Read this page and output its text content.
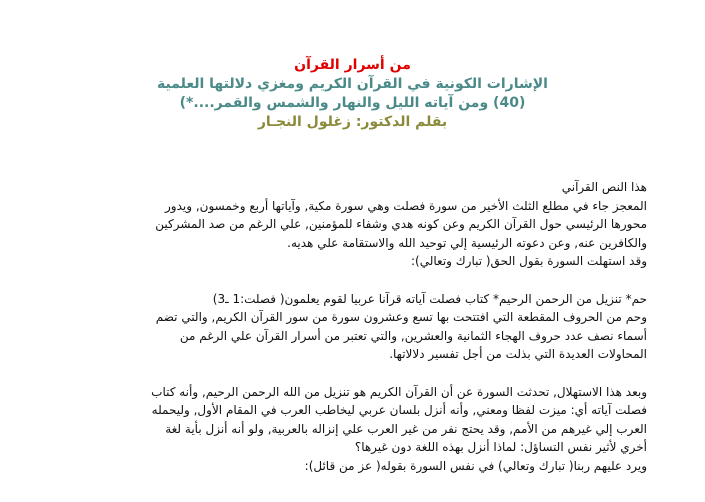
من أسرار القرآن
الإشارات الكونية في القرآن الكريم ومغزي دلالتها العلمية
(40) ومن آياته الليل والنهار والشمس والقمر....*)
بقلم الدكتور: زغلول النجـار

هذا النص القرآني

المعجز جاء في مطلع الثلث الأخير من سورة فصلت وهي سورة مكية, وآياتها أربع وخمسون, ويدور

محورها الرئيسي حول القرآن الكريم وعن كونه هدي وشفاء للمؤمنين, علي الرغم من صد المشركين

والكافرين عنه, وعن دعوته الرئيسية إلي توحيد الله والاستقامة علي هديه.

وقد استهلت السورة بقول الحق( تبارك وتعالي):

حم* تنزيل من الرحمن الرحيم* كتاب فصلت آياته قرآنا عربيا لقوم يعلمون( فصلت:1 ـ3)

وحم من الحروف المقطعة التي افتتحت بها تسع وعشرون سورة من سور القرآن الكريم, والتي تضم

أسماء نصف عدد حروف الهجاء الثمانية والعشرين, والتي تعتبر من أسرار القرآن علي الرغم من

المحاولات العديدة التي بذلت من أجل تفسير دلالاتها.

وبعد هذا الاستهلال, تحدثت السورة عن أن القرآن الكريم هو تنزيل من الله الرحمن الرحيم, وأنه كتاب

فصلت آياته أي: ميزت لفظا ومعني, وأنه أنزل بلسان عربي ليخاطب العرب في المقام الأول, وليحمله

العرب إلي غيرهم من الأمم, وقد يحتج نفر من غير العرب علي إنزاله بالعربية, ولو أنه أنزل بأية لغة

أخري لأثير نفس التساؤل: لماذا أنزل بهذه اللغة دون غيرها؟

ويرد عليهم ربنا( تبارك وتعالي) في نفس السورة بقوله( عز من قائل):
